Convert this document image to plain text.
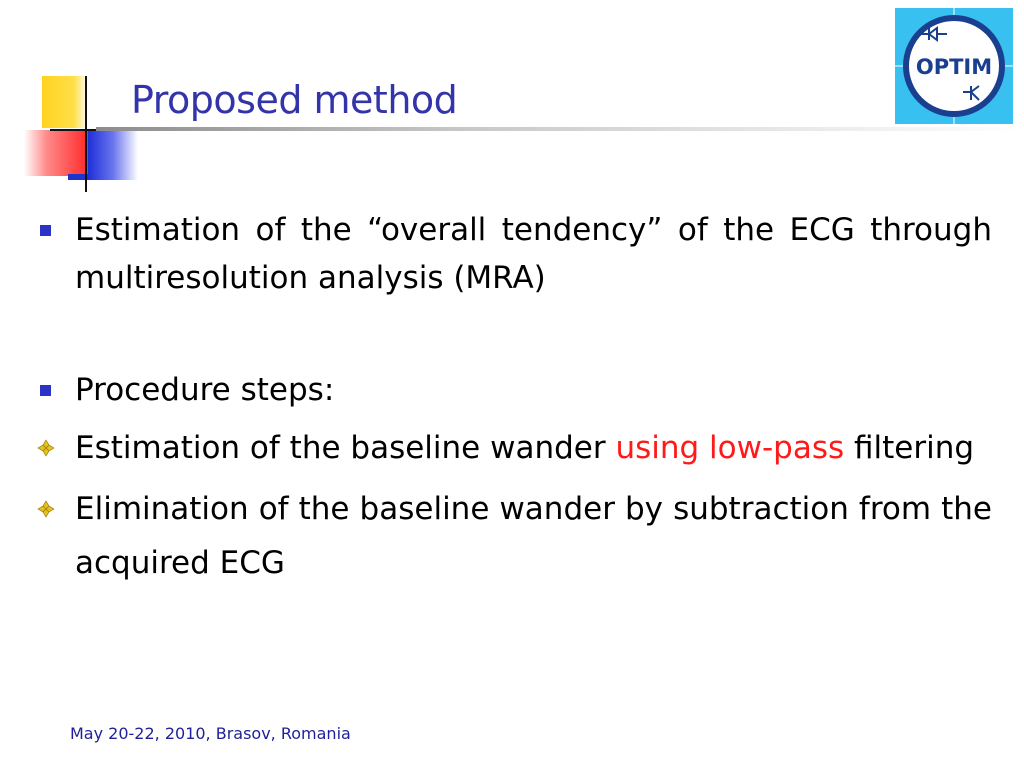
Proposed method
OPTIM
Estimation of the “overall tendency” of the ECG through multiresolution analysis (MRA)
Procedure steps:
Estimation of the baseline wander using low-pass filtering
Elimination of the baseline wander by subtraction from the acquired ECG
May 20-22, 2010, Brasov, Romania
